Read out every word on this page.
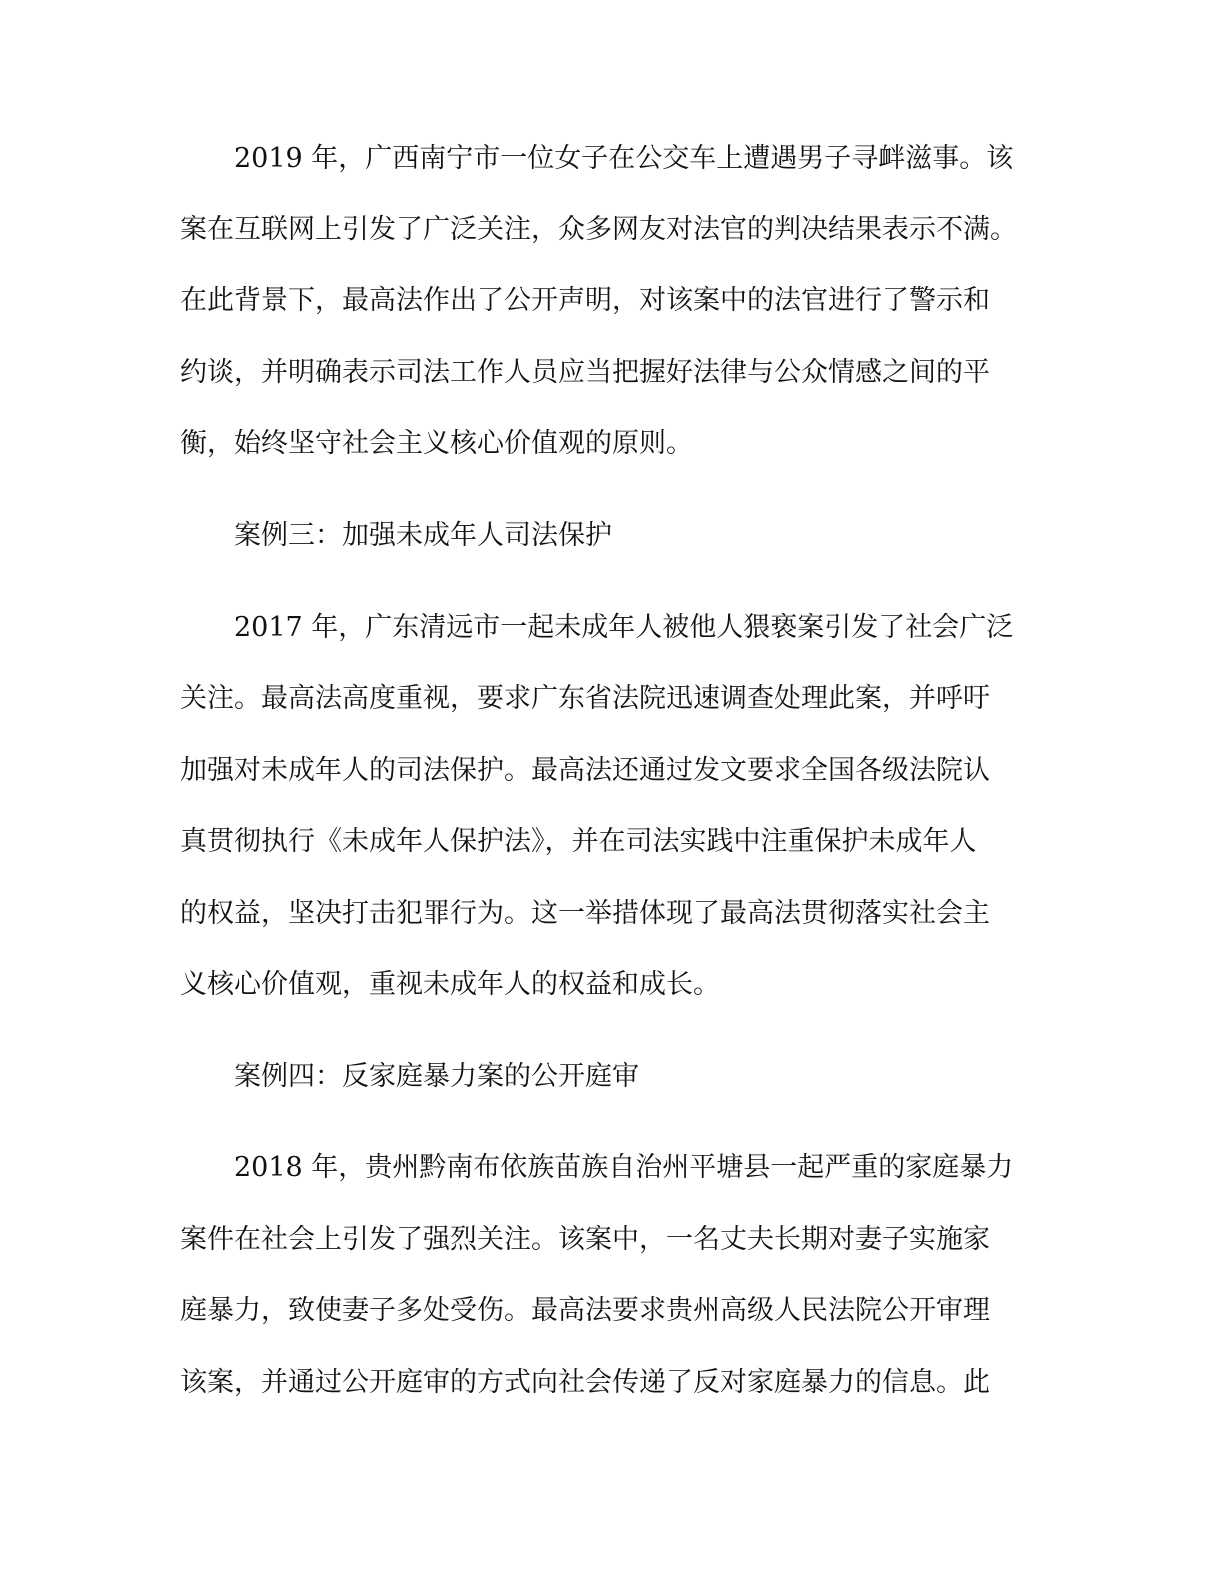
2019 年，广西南宁市一位女子在公交车上遭遇男子寻衅滋事。该
案在互联网上引发了广泛关注，众多网友对法官的判决结果表示不满。
在此背景下，最高法作出了公开声明，对该案中的法官进行了警示和
约谈，并明确表示司法工作人员应当把握好法律与公众情感之间的平
衡，始终坚守社会主义核心价值观的原则。
案例三：加强未成年人司法保护
2017 年，广东清远市一起未成年人被他人猥亵案引发了社会广泛
关注。最高法高度重视，要求广东省法院迅速调查处理此案，并呼吁
加强对未成年人的司法保护。最高法还通过发文要求全国各级法院认
真贯彻执行《未成年人保护法》，并在司法实践中注重保护未成年人
的权益，坚决打击犯罪行为。这一举措体现了最高法贯彻落实社会主
义核心价值观，重视未成年人的权益和成长。
案例四：反家庭暴力案的公开庭审
2018 年，贵州黔南布依族苗族自治州平塘县一起严重的家庭暴力
案件在社会上引发了强烈关注。该案中，一名丈夫长期对妻子实施家
庭暴力，致使妻子多处受伤。最高法要求贵州高级人民法院公开审理
该案，并通过公开庭审的方式向社会传递了反对家庭暴力的信息。此
